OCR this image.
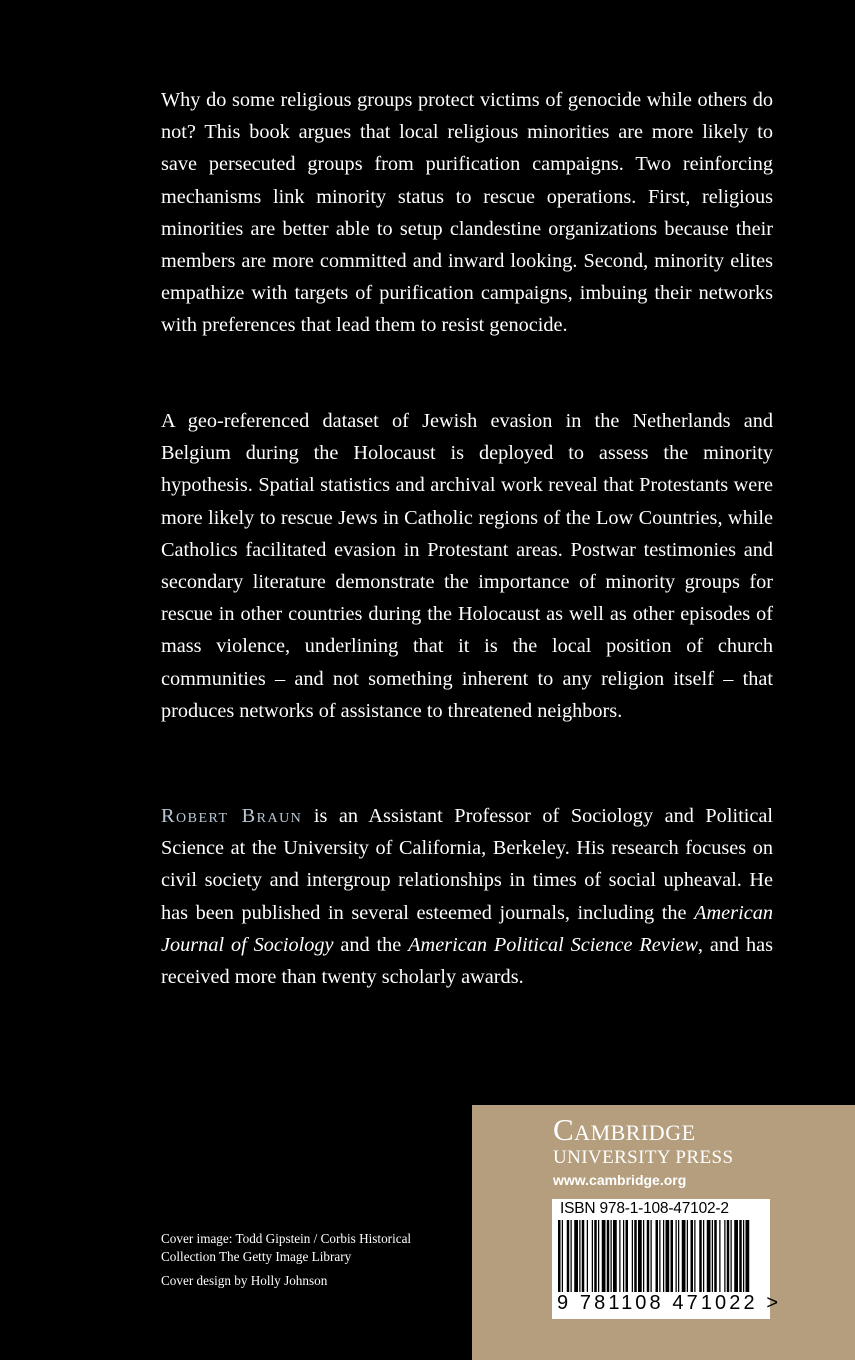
Why do some religious groups protect victims of genocide while others do not? This book argues that local religious minorities are more likely to save persecuted groups from purification campaigns. Two reinforcing mechanisms link minority status to rescue operations. First, religious minorities are better able to setup clandestine organizations because their members are more committed and inward looking. Second, minority elites empathize with targets of purification campaigns, imbuing their networks with preferences that lead them to resist genocide.

A geo-referenced dataset of Jewish evasion in the Netherlands and Belgium during the Holocaust is deployed to assess the minority hypothesis. Spatial statistics and archival work reveal that Protestants were more likely to rescue Jews in Catholic regions of the Low Countries, while Catholics facilitated evasion in Protestant areas. Postwar testimonies and secondary literature demonstrate the importance of minority groups for rescue in other countries during the Holocaust as well as other episodes of mass violence, underlining that it is the local position of church communities – and not something inherent to any religion itself – that produces networks of assistance to threatened neighbors.

Robert Braun is an Assistant Professor of Sociology and Political Science at the University of California, Berkeley. His research focuses on civil society and intergroup relationships in times of social upheaval. He has been published in several esteemed journals, including the American Journal of Sociology and the American Political Science Review, and has received more than twenty scholarly awards.

Cover image: Todd Gipstein / Corbis Historical Collection The Getty Image Library

Cover design by Holly Johnson

Cambridge
UNIVERSITY PRESS
www.cambridge.org
ISBN 978-1-108-47102-2
9 781108 471022 >
